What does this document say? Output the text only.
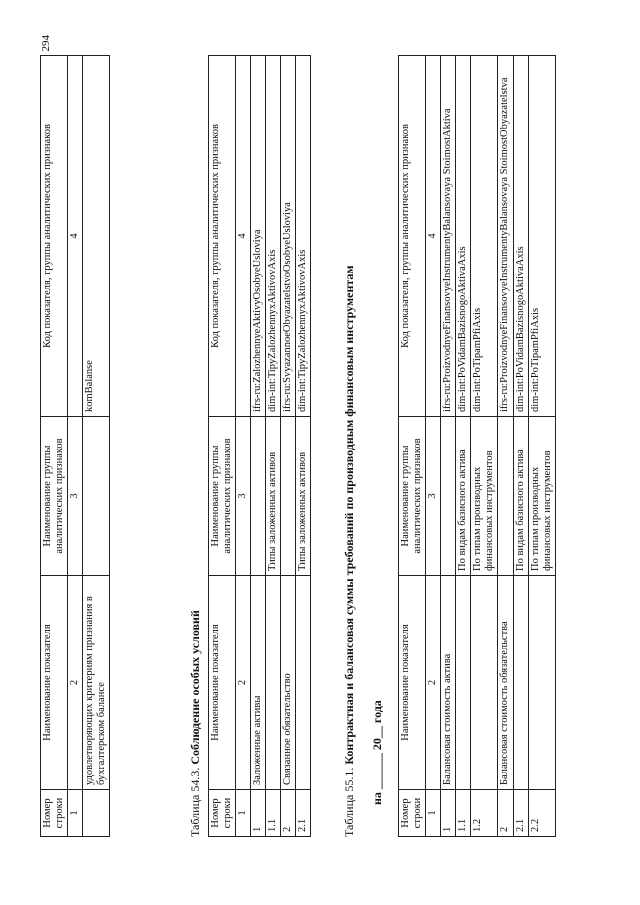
294
Номер строки	Наименование показателя	Наименование группы аналитических признаков	Код показателя, группы аналитических признаков
1	2	3	4
	удовлетворяющих критериям признания в бухгалтерском балансе		komBalanse
Таблица 54.3. Соблюдение особых условий
Номер строки	Наименование показателя	Наименование группы аналитических признаков	Код показателя, группы аналитических признаков
1	2	3	4
1	Заложенные активы		ifrs-ru:ZalozhennyeAktivyOsobyeUsloviya
1.1		Типы заложенных активов	dim-int:TipyZalozhennyxAktivovAxis
2	Связанное обязательство		ifrs-ru:SvyazannoeObyazatelstvoOsobyeUsloviya
2.1		Типы заложенных активов	dim-int:TipyZalozhennyxAktivovAxis
Таблица 55.1. Контрактная и балансовая суммы требований по производным финансовым инструментам на ______ 20__ года
Номер строки	Наименование показателя	Наименование группы аналитических признаков	Код показателя, группы аналитических признаков
1	2	3	4
1	Балансовая стоимость актива		ifrs-ru:ProizvodnyeFinansovyeInstrumentyBalansovaya StoimostAktiva
1.1		По видам базисного актива	dim-int:PoVidamBazisnogoAktivaAxis
1.2		По типам производных финансовых инструментов	dim-int:PoTipamPfiAxis
2	Балансовая стоимость обязательства		ifrs-ru:ProizvodnyeFinansovyeInstrumentyBalansovaya StoimostObyazatelstva
2.1		По видам базисного актива	dim-int:PoVidamBazisnogoAktivaAxis
2.2		По типам производных финансовых инструментов	dim-int:PoTipamPfiAxis
